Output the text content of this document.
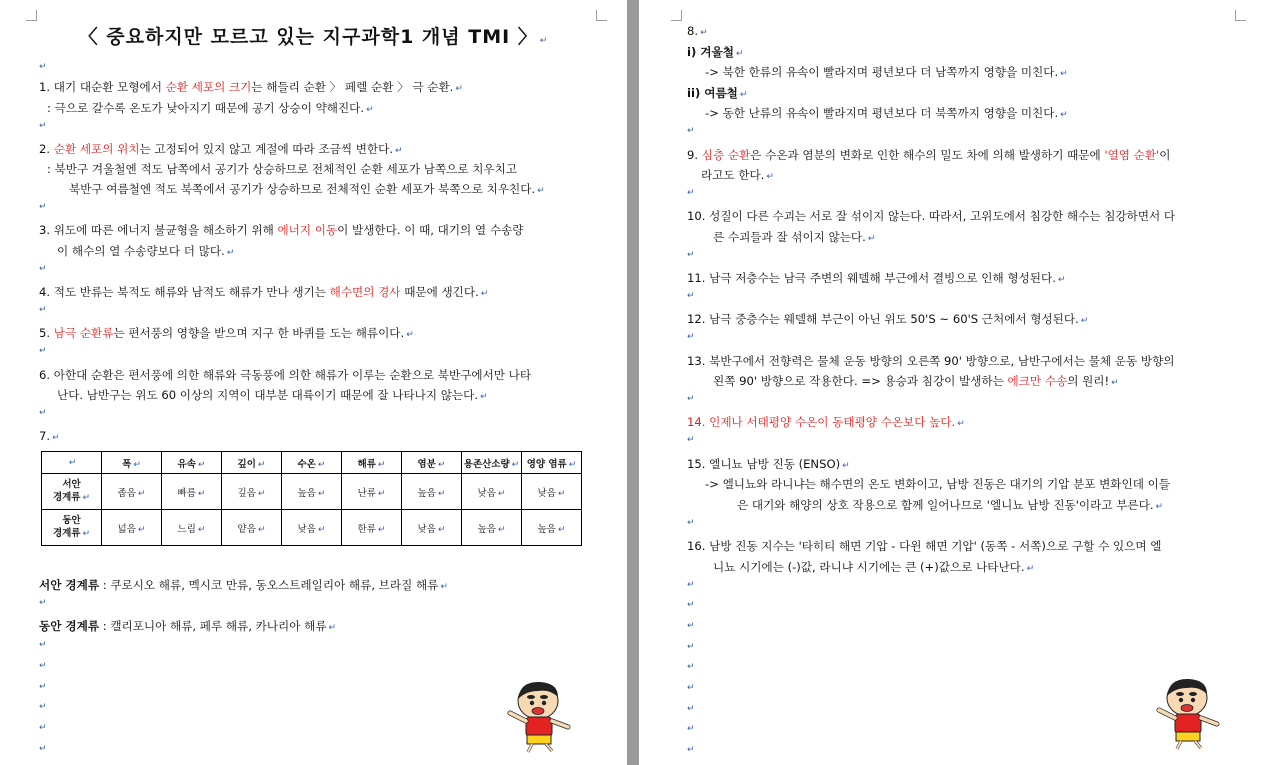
〈 중요하지만 모르고 있는 지구과학1 개념 TMI 〉 ↵
↵
1. 대기 대순환 모형에서 순환 세포의 크기는 해들리 순환 〉 페렐 순환 〉 극 순환. ↵
: 극으로 갈수록 온도가 낮아지기 때문에 공기 상승이 약해진다. ↵
↵
2. 순환 세포의 위치는 고정되어 있지 않고 계절에 따라 조금씩 변한다. ↵
: 북반구 겨울철엔 적도 남쪽에서 공기가 상승하므로 전체적인 순환 세포가 남쪽으로 치우치고
북반구 여름철엔 적도 북쪽에서 공기가 상승하므로 전체적인 순환 세포가 북쪽으로 치우친다. ↵
↵
3. 위도에 따른 에너지 불균형을 해소하기 위해 에너지 이동이 발생한다. 이 때, 대기의 열 수송량
이 해수의 열 수송량보다 더 많다. ↵
↵
4. 적도 반류는 북적도 해류와 남적도 해류가 만나 생기는 해수면의 경사 때문에 생긴다. ↵
↵
5. 남극 순환류는 편서풍의 영향을 받으며 지구 한 바퀴를 도는 해류이다. ↵
↵
6. 아한대 순환은 편서풍에 의한 해류와 극동풍에 의한 해류가 이루는 순환으로 북반구에서만 나타
난다. 남반구는 위도 60 이상의 지역이 대부분 대륙이기 때문에 잘 나타나지 않는다. ↵
↵
7. ↵
↵	폭 ↵	유속 ↵	깊이 ↵	수온 ↵	해류 ↵	염분 ↵	용존산소량 ↵	영양 염류 ↵
서안
경계류 ↵	좁음 ↵	빠름 ↵	깊음 ↵	높음 ↵	난류 ↵	높음 ↵	낮음 ↵	낮음 ↵
동안
경계류 ↵	넓음 ↵	느림 ↵	얕음 ↵	낮음 ↵	한류 ↵	낮음 ↵	높음 ↵	높음 ↵
서안 경계류 : 쿠로시오 해류, 멕시코 만류, 동오스트레일리아 해류, 브라질 해류 ↵
↵
동안 경계류 : 캘리포니아 해류, 페루 해류, 카나리아 해류 ↵
↵
↵
↵
↵
↵
↵
8. ↵
i) 겨울철 ↵
-> 북한 한류의 유속이 빨라지며 평년보다 더 남쪽까지 영향을 미친다. ↵
ii) 여름철 ↵
-> 동한 난류의 유속이 빨라지며 평년보다 더 북쪽까지 영향을 미친다. ↵
↵
9. 심층 순환은 수온과 염분의 변화로 인한 해수의 밀도 차에 의해 발생하기 때문에 '열염 순환'이
라고도 한다. ↵
↵
10. 성질이 다른 수괴는 서로 잘 섞이지 않는다. 따라서, 고위도에서 침강한 해수는 침강하면서 다
른 수괴들과 잘 섞이지 않는다. ↵
↵
11. 남극 저층수는 남극 주변의 웨델해 부근에서 결빙으로 인해 형성된다. ↵
↵
12. 남극 중층수는 웨델해 부근이 아닌 위도 50'S ~ 60'S 근처에서 형성된다. ↵
↵
13. 북반구에서 전향력은 물체 운동 방향의 오른쪽 90' 방향으로, 남반구에서는 물체 운동 방향의
왼쪽 90' 방향으로 작용한다. => 용승과 침강이 발생하는 에크만 수송의 원리! ↵
↵
14. 인제나 서태평양 수온이 동태평양 수온보다 높다. ↵
↵
15. 엘니뇨 남방 진동 (ENSO) ↵
-> 엘니뇨와 라니냐는 해수면의 온도 변화이고, 남방 진동은 대기의 기압 분포 변화인데 이들
은 대기와 해양의 상호 작용으로 함께 일어나므로 '엘니뇨 남방 진동'이라고 부른다. ↵
↵
16. 남방 진동 지수는 '타히티 해면 기압 - 다윈 해면 기압' (동쪽 - 서쪽)으로 구할 수 있으며 엘
니뇨 시기에는 (-)값, 라니냐 시기에는 큰 (+)값으로 나타난다. ↵
↵
↵
↵
↵
↵
↵
↵
↵
↵
